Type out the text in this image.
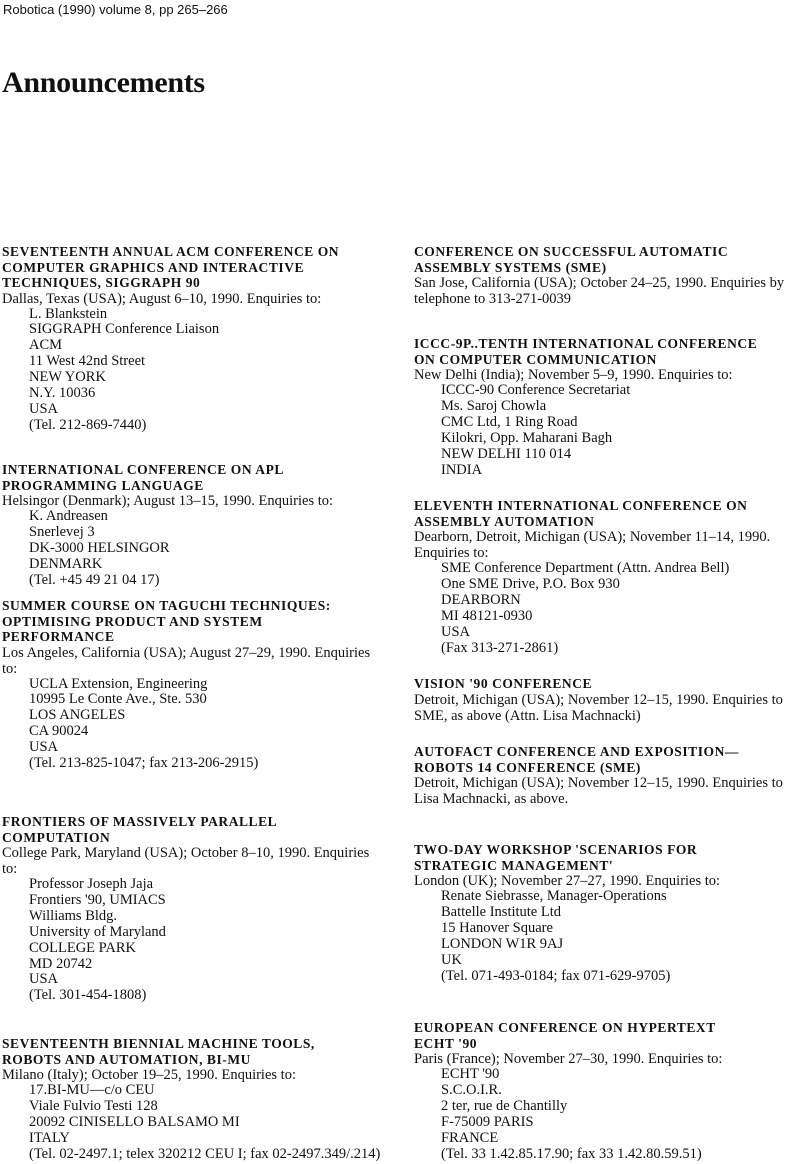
Robotica (1990) volume 8, pp 265–266
Announcements
SEVENTEENTH ANNUAL ACM CONFERENCE ON
COMPUTER GRAPHICS AND INTERACTIVE
TECHNIQUES, SIGGRAPH 90

Dallas, Texas (USA); August 6–10, 1990. Enquiries to:

L. Blankstein
SIGGRAPH Conference Liaison
ACM
11 West 42nd Street
NEW YORK
N.Y. 10036
USA
(Tel. 212-869-7440)
INTERNATIONAL CONFERENCE ON APL
PROGRAMMING LANGUAGE

Helsingor (Denmark); August 13–15, 1990. Enquiries to:

K. Andreasen
Snerlevej 3
DK-3000 HELSINGOR
DENMARK
(Tel. +45 49 21 04 17)
SUMMER COURSE ON TAGUCHI TECHNIQUES:
OPTIMISING PRODUCT AND SYSTEM
PERFORMANCE

Los Angeles, California (USA); August 27–29, 1990. Enquiries to:

UCLA Extension, Engineering
10995 Le Conte Ave., Ste. 530
LOS ANGELES
CA 90024
USA
(Tel. 213-825-1047; fax 213-206-2915)
FRONTIERS OF MASSIVELY PARALLEL
COMPUTATION

College Park, Maryland (USA); October 8–10, 1990. Enquiries to:

Professor Joseph Jaja
Frontiers '90, UMIACS
Williams Bldg.
University of Maryland
COLLEGE PARK
MD 20742
USA
(Tel. 301-454-1808)
SEVENTEENTH BIENNIAL MACHINE TOOLS,
ROBOTS AND AUTOMATION, BI-MU

Milano (Italy); October 19–25, 1990. Enquiries to:

17.BI-MU—c/o CEU
Viale Fulvio Testi 128
20092 CINISELLO BALSAMO MI
ITALY
(Tel. 02-2497.1; telex 320212 CEU I; fax 02-2497.349/.214)
CONFERENCE ON SUCCESSFUL AUTOMATIC
ASSEMBLY SYSTEMS (SME)

San Jose, California (USA); October 24–25, 1990. Enquiries by telephone to 313-271-0039

ICCC-9P..TENTH INTERNATIONAL CONFERENCE
ON COMPUTER COMMUNICATION

New Delhi (India); November 5–9, 1990. Enquiries to:

ICCC-90 Conference Secretariat
Ms. Saroj Chowla
CMC Ltd, 1 Ring Road
Kilokri, Opp. Maharani Bagh
NEW DELHI 110 014
INDIA
ELEVENTH INTERNATIONAL CONFERENCE ON
ASSEMBLY AUTOMATION

Dearborn, Detroit, Michigan (USA); November 11–14, 1990. Enquiries to:

SME Conference Department (Attn. Andrea Bell)
One SME Drive, P.O. Box 930
DEARBORN
MI 48121-0930
USA
(Fax 313-271-2861)
VISION '90 CONFERENCE

Detroit, Michigan (USA); November 12–15, 1990. Enquiries to SME, as above (Attn. Lisa Machnacki)

AUTOFACT CONFERENCE AND EXPOSITION—
ROBOTS 14 CONFERENCE (SME)

Detroit, Michigan (USA); November 12–15, 1990. Enquiries to Lisa Machnacki, as above.

TWO-DAY WORKSHOP 'SCENARIOS FOR
STRATEGIC MANAGEMENT'

London (UK); November 27–27, 1990. Enquiries to:

Renate Siebrasse, Manager-Operations
Battelle Institute Ltd
15 Hanover Square
LONDON W1R 9AJ
UK
(Tel. 071-493-0184; fax 071-629-9705)
EUROPEAN CONFERENCE ON HYPERTEXT
ECHT '90

Paris (France); November 27–30, 1990. Enquiries to:

ECHT '90
S.C.O.I.R.
2 ter, rue de Chantilly
F-75009 PARIS
FRANCE
(Tel. 33 1.42.85.17.90; fax 33 1.42.80.59.51)
